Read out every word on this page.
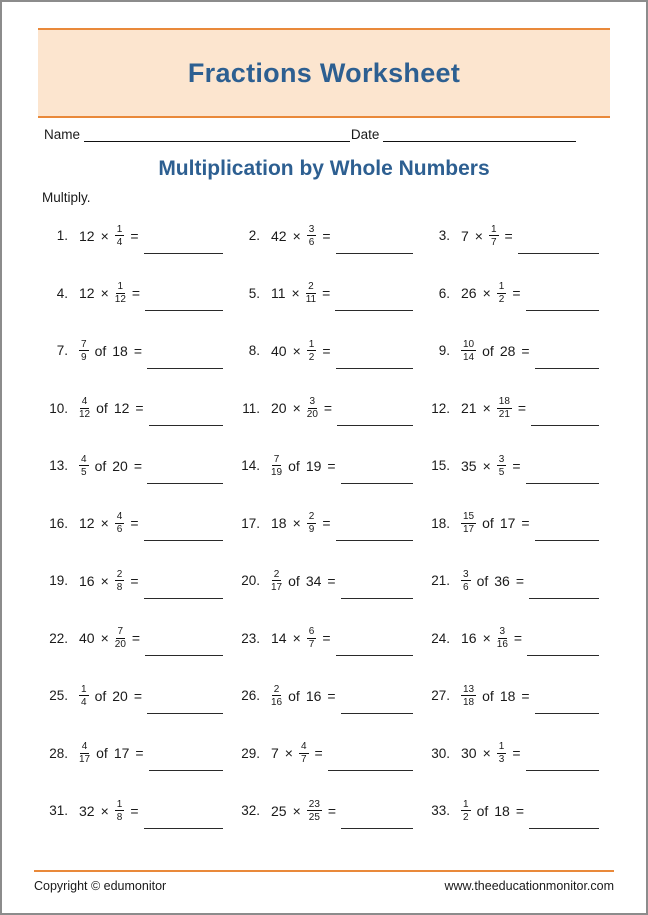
Fractions Worksheet
Name	Date
Multiplication by Whole Numbers
Multiply.
1. $12 \times \frac{1}{4}$ =	2. $42 \times \frac{3}{6}$ =	3. $7 \times \frac{1}{7}$ =
4. $12 \times \frac{1}{12}$ =	5. $11 \times \frac{2}{11}$ =	6. $26 \times \frac{1}{2}$ =
7. $\frac{7}{9}$ of 18 =	8. $40 \times \frac{1}{2}$ =	9. $\frac{10}{14}$ of 28 =
10. $\frac{4}{12}$ of 12 =	11. $20 \times \frac{3}{20}$ =	12. $21 \times \frac{18}{21}$ =
13. $\frac{4}{5}$ of 20 =	14. $\frac{7}{19}$ of 19 =	15. $35 \times \frac{3}{5}$ =
16. $12 \times \frac{4}{6}$ =	17. $18 \times \frac{2}{9}$ =	18. $\frac{15}{17}$ of 17 =
19. $16 \times \frac{2}{8}$ =	20. $\frac{2}{17}$ of 34 =	21. $\frac{3}{6}$ of 36 =
22. $40 \times \frac{7}{20}$ =	23. $14 \times \frac{6}{7}$ =	24. $16 \times \frac{3}{16}$ =
25. $\frac{1}{4}$ of 20 =	26. $\frac{2}{16}$ of 16 =	27. $\frac{13}{18}$ of 18 =
28. $\frac{4}{17}$ of 17 =	29. $7 \times \frac{4}{7}$ =	30. $30 \times \frac{1}{3}$ =
31. $32 \times \frac{1}{8}$ =	32. $25 \times \frac{23}{25}$ =	33. $\frac{1}{2}$ of 18 =
Copyright © edumonitor	www.theeducationmonitor.com
